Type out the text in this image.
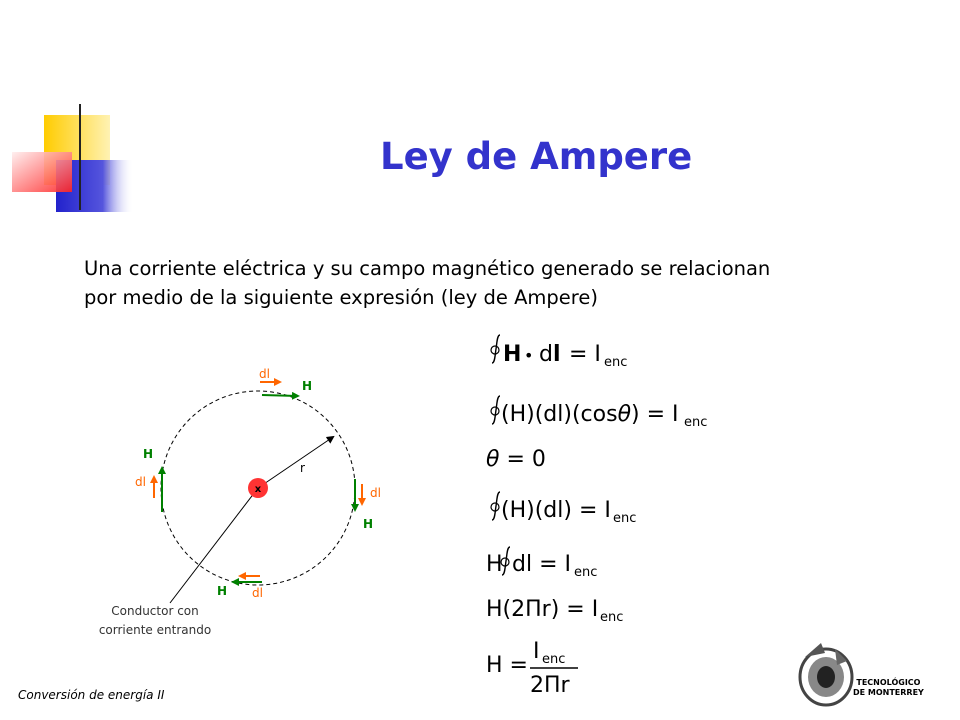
Ley de Ampere
Una corriente eléctrica y su campo magnético generado se relacionan
por medio de la siguiente expresión (ley de Ampere)
r
x
dl
H
H
dl
dl
H
H dl
Conductor con
corriente entrando
H • dl = I enc
(H)(dl)(cosθ) = I enc
θ = 0
(H)(dl) = I enc
H dl = I enc
H(2Πr) = I enc
H =
I enc
2Πr	TECNOLÓGICO
DE MONTERREY
Conversión de energía II
